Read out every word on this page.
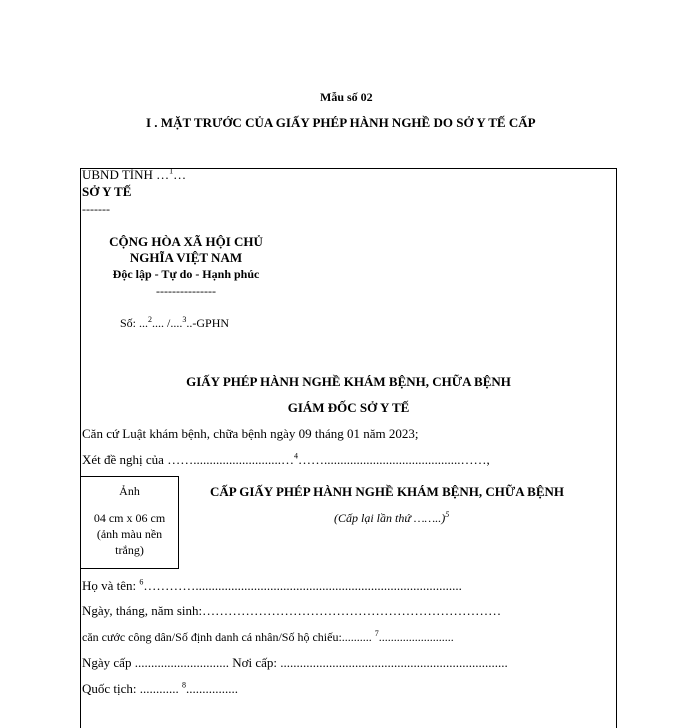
Mẫu số 02
I . MẶT TRƯỚC CỦA GIẤY PHÉP HÀNH NGHỀ DO SỞ Y TẾ CẤP
UBND TỈNH …$^1$…
SỞ Y TẾ
-------
CỘNG HÒA XÃ HỘI CHỦ
NGHĨA VIỆT NAM
Độc lập - Tự do - Hạnh phúc
---------------
Số: ...$^2$.... /....$^3$..-GPHN
GIẤY PHÉP HÀNH NGHỀ KHÁM BỆNH, CHỮA BỆNH
GIÁM ĐỐC SỞ Y TẾ
Căn cứ Luật khám bệnh, chữa bệnh ngày 09 tháng 01 năm 2023;
Xét đề nghị của ……...........................…$^4$……..........................................……,
Ảnh
04 cm x 06 cm
(ảnh màu nền
trắng)
CẤP GIẤY PHÉP HÀNH NGHỀ KHÁM BỆNH, CHỮA BỆNH
(Cấp lại lần thứ ……..)$^5$
Họ và tên: $^6$…………..................................................................................
Ngày, tháng, năm sinh:……………………………………………………………
căn cước công dân/Số định danh cá nhân/Số hộ chiếu:.......... $^7$.........................
Ngày cấp ............................. Nơi cấp: ......................................................................
Quốc tịch: ............ $^8$................
